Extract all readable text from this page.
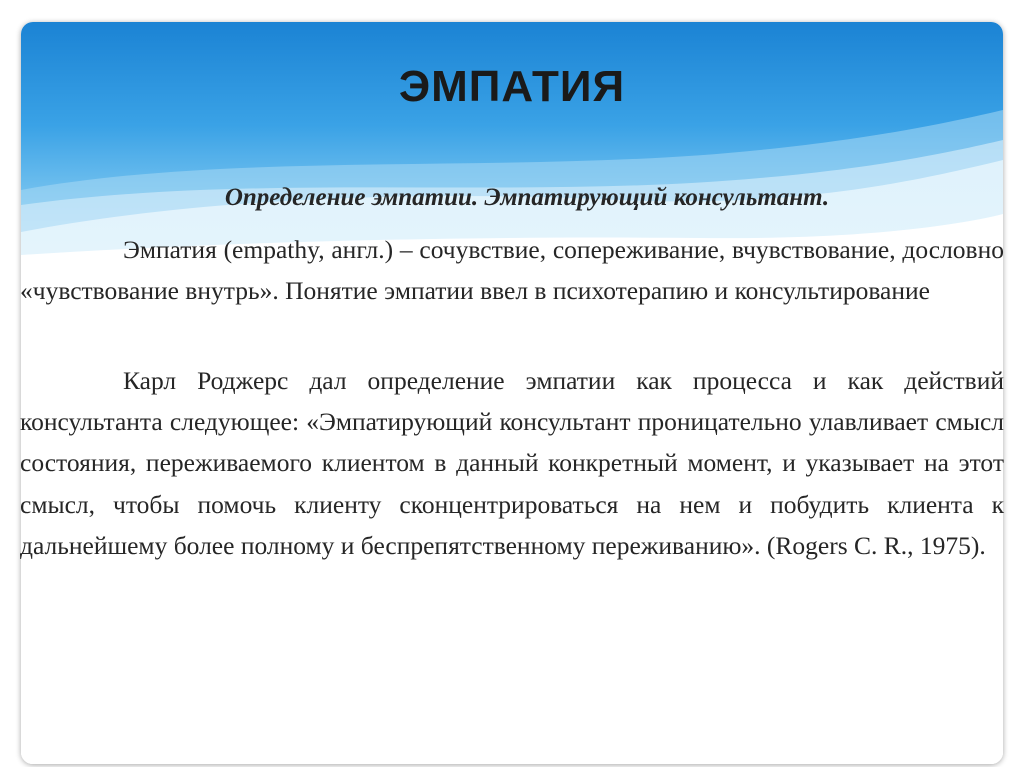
ЭМПАТИЯ

Определение эмпатии. Эмпатирующий консультант.

Эмпатия (empathy, англ.) – сочувствие, сопереживание, вчувствование, дословно «чувствование внутрь». Понятие эмпатии ввел в психотерапию и консультирование

Карл Роджерс дал определение эмпатии как процесса и как действий консультанта следующее: «Эмпатирующий консультант проницательно улавливает смысл состояния, переживаемого клиентом в данный конкретный момент, и указывает на этот смысл, чтобы помочь клиенту сконцентрироваться на нем и побудить клиента к дальнейшему более полному и беспрепятственному переживанию». (Rogers C. R., 1975).
